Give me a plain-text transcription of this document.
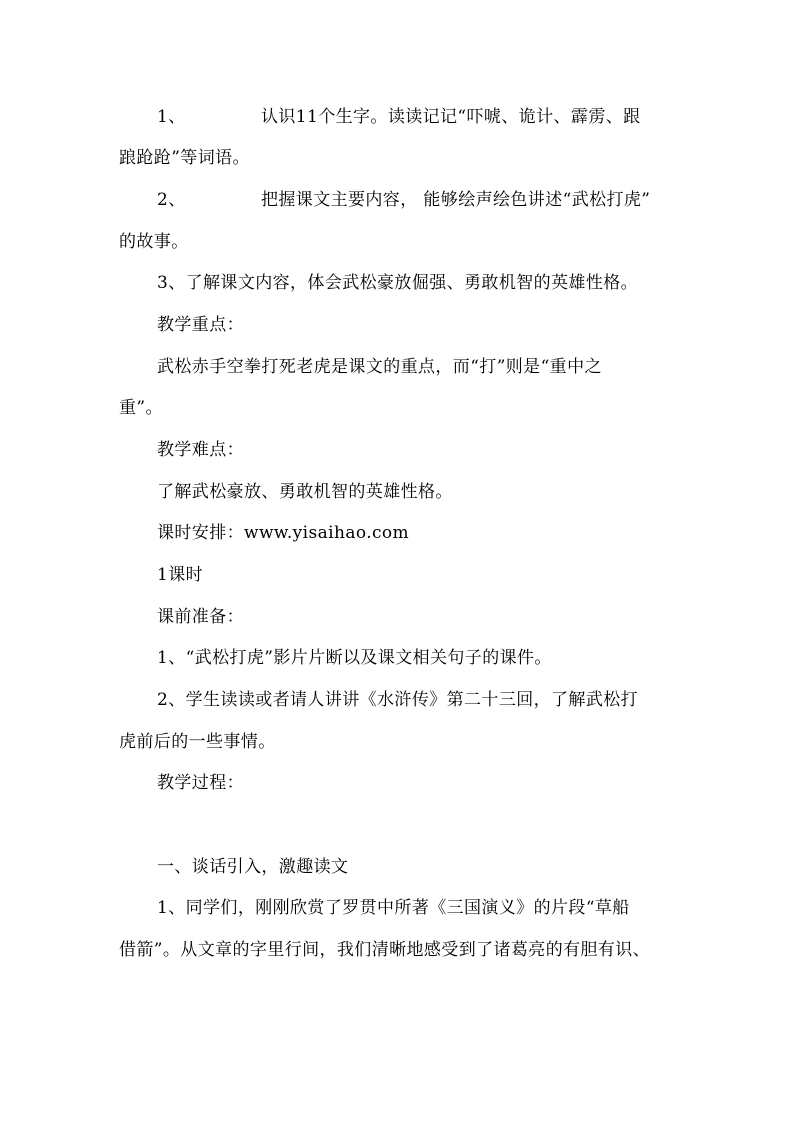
1、	认识11个生字。读读记记“吓唬、诡计、霹雳、跟
踉跄跄”等词语。
2、	把握课文主要内容， 能够绘声绘色讲述“武松打虎”
的故事。
3、了解课文内容，体会武松豪放倔强、勇敢机智的英雄性格。
教学重点：
武松赤手空拳打死老虎是课文的重点，而“打”则是“重中之
重”。
教学难点：
了解武松豪放、勇敢机智的英雄性格。
课时安排：www.yisaihao.com
1课时
课前准备：
1、“武松打虎”影片片断以及课文相关句子的课件。
2、学生读读或者请人讲讲《水浒传》第二十三回，了解武松打
虎前后的一些事情。
教学过程：
一、谈话引入，激趣读文
1、同学们，刚刚欣赏了罗贯中所著《三国演义》的片段“草船
借箭”。从文章的字里行间，我们清晰地感受到了诸葛亮的有胆有识、
